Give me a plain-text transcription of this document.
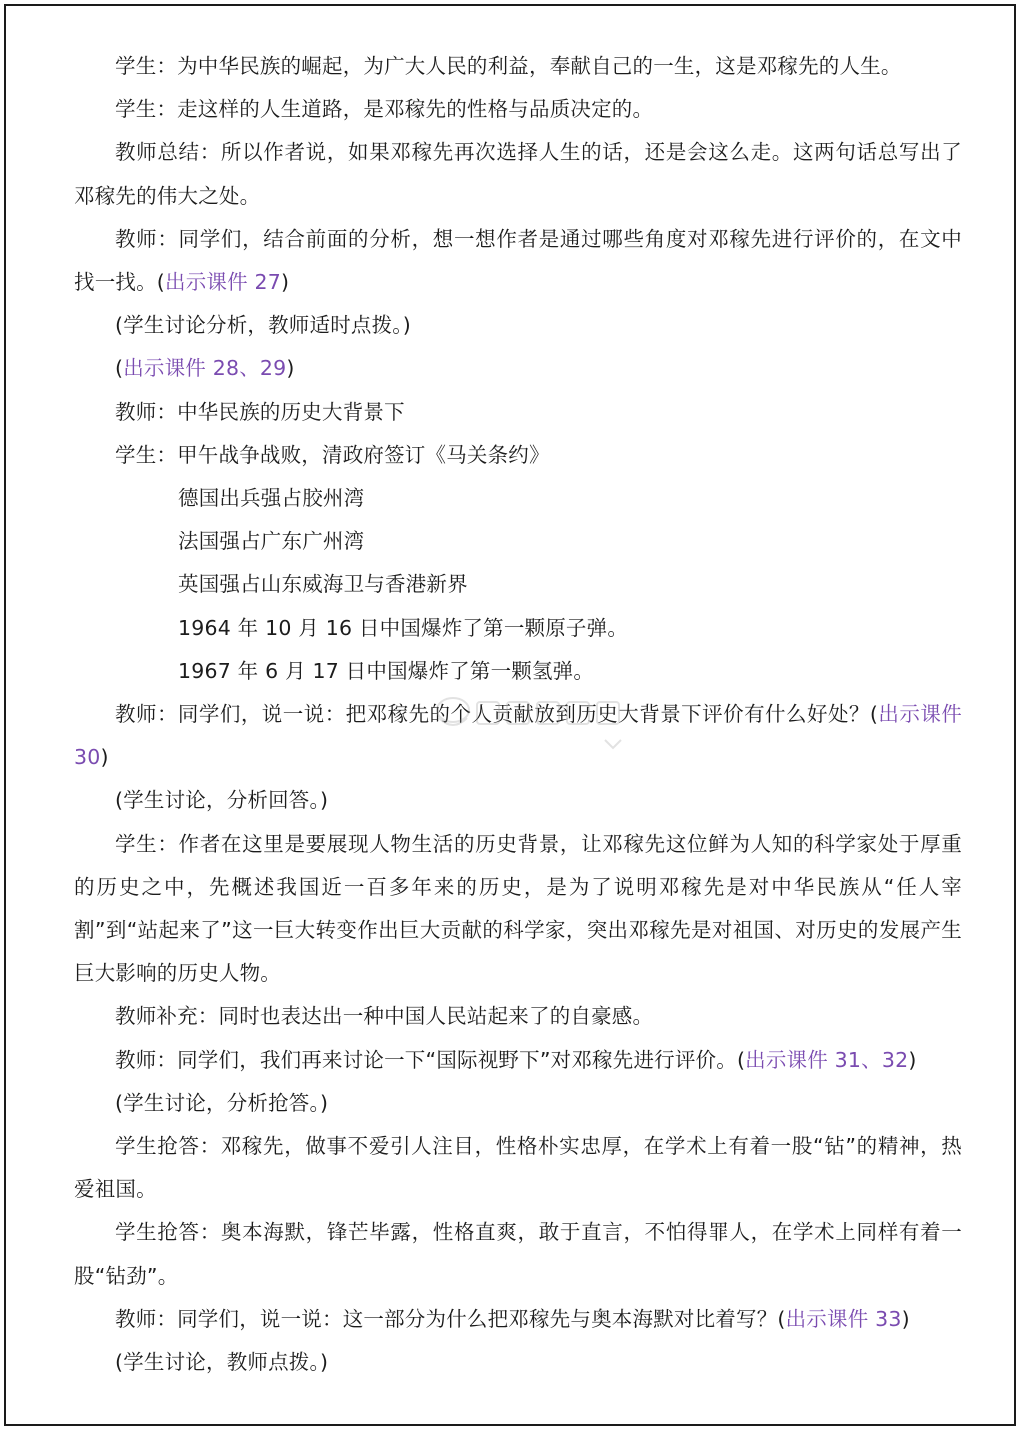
学生：为中华民族的崛起，为广大人民的利益，奉献自己的一生，这是邓稼先的人生。

学生：走这样的人生道路，是邓稼先的性格与品质决定的。

教师总结：所以作者说，如果邓稼先再次选择人生的话，还是会这么走。这两句话总写出了邓稼先的伟大之处。

教师：同学们，结合前面的分析，想一想作者是通过哪些角度对邓稼先进行评价的，在文中找一找。(出示课件 27)

(学生讨论分析，教师适时点拨。)

(出示课件 28、29)

教师：中华民族的历史大背景下

学生：甲午战争战败，清政府签订《马关条约》

德国出兵强占胶州湾

法国强占广东广州湾

英国强占山东威海卫与香港新界

1964 年 10 月 16 日中国爆炸了第一颗原子弹。

1967 年 6 月 17 日中国爆炸了第一颗氢弹。

教师：同学们，说一说：把邓稼先的个人贡献放到历史大背景下评价有什么好处？(出示课件 30)

(学生讨论，分析回答。)

学生：作者在这里是要展现人物生活的历史背景，让邓稼先这位鲜为人知的科学家处于厚重的历史之中，先概述我国近一百多年来的历史，是为了说明邓稼先是对中华民族从“任人宰割”到“站起来了”这一巨大转变作出巨大贡献的科学家，突出邓稼先是对祖国、对历史的发展产生巨大影响的历史人物。

教师补充：同时也表达出一种中国人民站起来了的自豪感。

教师：同学们，我们再来讨论一下“国际视野下”对邓稼先进行评价。(出示课件 31、32)

(学生讨论，分析抢答。)

学生抢答：邓稼先，做事不爱引人注目，性格朴实忠厚，在学术上有着一股“钻”的精神，热爱祖国。

学生抢答：奥本海默，锋芒毕露，性格直爽，敢于直言，不怕得罪人，在学术上同样有着一股“钻劲”。

教师：同学们，说一说：这一部分为什么把邓稼先与奥本海默对比着写？(出示课件 33)

(学生讨论，教师点拨。)
